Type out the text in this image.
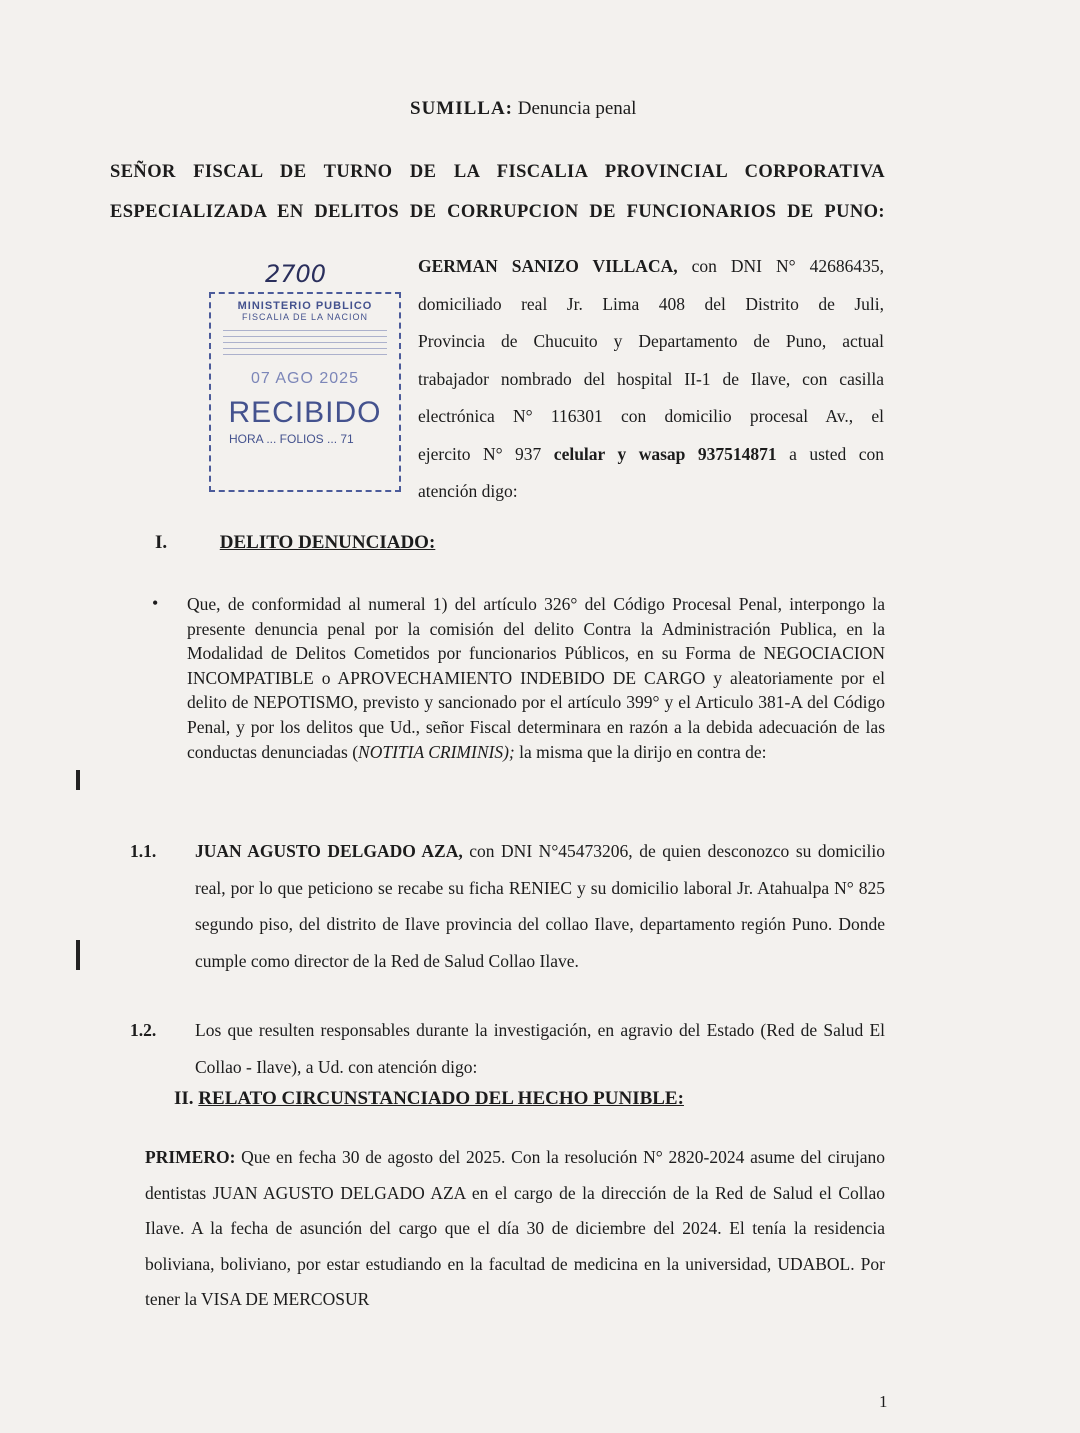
SUMILLA: Denuncia penal
SEÑOR FISCAL DE TURNO DE LA FISCALIA PROVINCIAL CORPORATIVA ESPECIALIZADA EN DELITOS DE CORRUPCION DE FUNCIONARIOS DE PUNO:
2700
MINISTERIO PUBLICO
FISCALIA DE LA NACION
07 AGO 2025
RECIBIDO
HORA ... FOLIOS ... 71
GERMAN SANIZO VILLACA, con DNI N° 42686435,
domiciliado real Jr. Lima 408 del Distrito de Juli,
Provincia de Chucuito y Departamento de Puno, actual
trabajador nombrado del hospital II-1 de Ilave, con casilla
electrónica N° 116301 con domicilio procesal Av., el
ejercito N° 937 celular y wasap 937514871 a usted con
atención digo:
I.	DELITO DENUNCIADO:
• Que, de conformidad al numeral 1) del artículo 326° del Código Procesal Penal, interpongo la presente denuncia penal por la comisión del delito Contra la Administración Publica, en la Modalidad de Delitos Cometidos por funcionarios Públicos, en su Forma de NEGOCIACION INCOMPATIBLE o APROVECHAMIENTO INDEBIDO DE CARGO y aleatoriamente por el delito de NEPOTISMO, previsto y sancionado por el artículo 399° y el Articulo 381-A del Código Penal, y por los delitos que Ud., señor Fiscal determinara en razón a la debida adecuación de las conductas denunciadas (NOTITIA CRIMINIS); la misma que la dirijo en contra de:
1.1. JUAN AGUSTO DELGADO AZA, con DNI N°45473206, de quien desconozco su domicilio real, por lo que peticiono se recabe su ficha RENIEC y su domicilio laboral Jr. Atahualpa N° 825 segundo piso, del distrito de Ilave provincia del collao Ilave, departamento región Puno. Donde cumple como director de la Red de Salud Collao Ilave.
1.2. Los que resulten responsables durante la investigación, en agravio del Estado (Red de Salud El Collao - Ilave), a Ud. con atención digo:
II. RELATO CIRCUNSTANCIADO DEL HECHO PUNIBLE:
PRIMERO: Que en fecha 30 de agosto del 2025. Con la resolución N° 2820-2024 asume del cirujano dentistas JUAN AGUSTO DELGADO AZA en el cargo de la dirección de la Red de Salud el Collao Ilave. A la fecha de asunción del cargo que el día 30 de diciembre del 2024. El tenía la residencia boliviana, boliviano, por estar estudiando en la facultad de medicina en la universidad, UDABOL. Por tener la VISA DE MERCOSUR
1
